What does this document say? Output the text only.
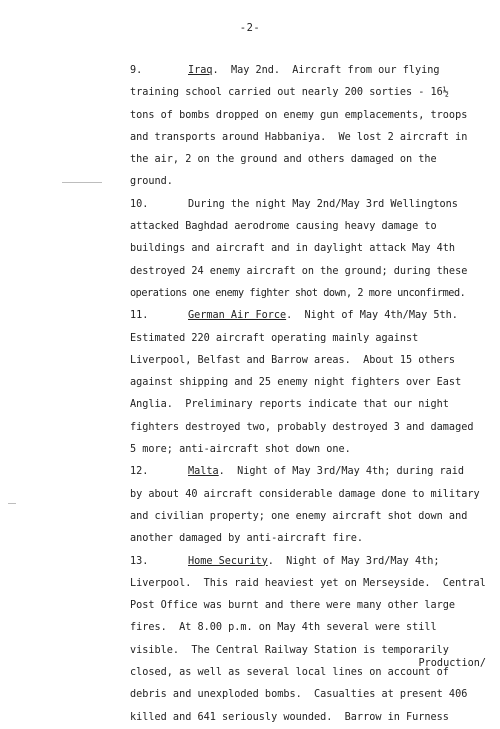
-2-
9.	Iraq.  May 2nd.  Aircraft from our flying
training school carried out nearly 200 sorties - 16½
tons of bombs dropped on enemy gun emplacements, troops
and transports around Habbaniya.  We lost 2 aircraft in
the air, 2 on the ground and others damaged on the
ground.
10.	During the night May 2nd/May 3rd Wellingtons
attacked Baghdad aerodrome causing heavy damage to
buildings and aircraft and in daylight attack May 4th
destroyed 24 enemy aircraft on the ground; during these
operations one enemy fighter shot down, 2 more unconfirmed.
11.	German Air Force.  Night of May 4th/May 5th.
Estimated 220 aircraft operating mainly against
Liverpool, Belfast and Barrow areas.  About 15 others
against shipping and 25 enemy night fighters over East
Anglia.  Preliminary reports indicate that our night
fighters destroyed two, probably destroyed 3 and damaged
5 more; anti-aircraft shot down one.
12.	Malta.  Night of May 3rd/May 4th; during raid
by about 40 aircraft considerable damage done to military
and civilian property; one enemy aircraft shot down and
another damaged by anti-aircraft fire.
13.	Home Security.  Night of May 3rd/May 4th;
Liverpool.  This raid heaviest yet on Merseyside.  Central
Post Office was burnt and there were many other large
fires.  At 8.00 p.m. on May 4th several were still
visible.  The Central Railway Station is temporarily
closed, as well as several local lines on account of
debris and unexploded bombs.  Casualties at present 406
killed and 641 seriously wounded.  Barrow in Furness
Production/
